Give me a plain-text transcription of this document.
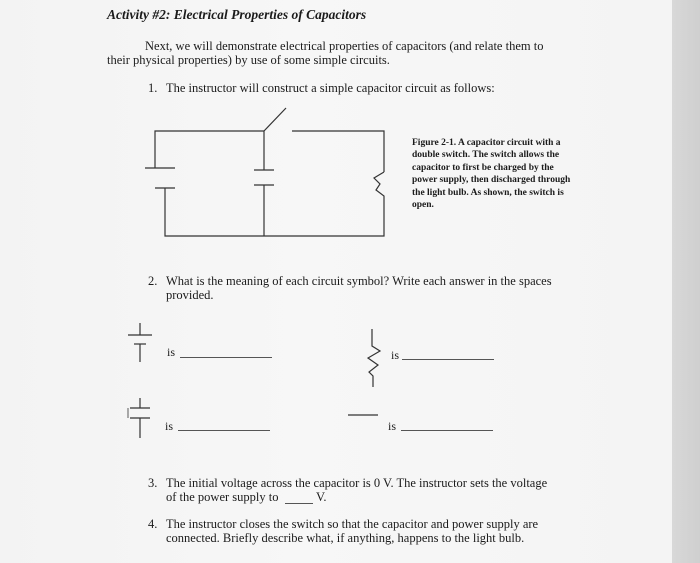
Activity #2: Electrical Properties of Capacitors
Next, we will demonstrate electrical properties of capacitors (and relate them to
their physical properties) by use of some simple circuits.
1. The instructor will construct a simple capacitor circuit as follows:
Figure 2-1. A capacitor circuit with a double switch. The switch allows the capacitor to first be charged by the power supply, then discharged through the light bulb. As shown, the switch is open.
2. What is the meaning of each circuit symbol? Write each answer in the spaces
provided.
is	is
is	is
3. The initial voltage across the capacitor is 0 V. The instructor sets the voltage
of the power supply to	V.
4. The instructor closes the switch so that the capacitor and power supply are
connected. Briefly describe what, if anything, happens to the light bulb.
